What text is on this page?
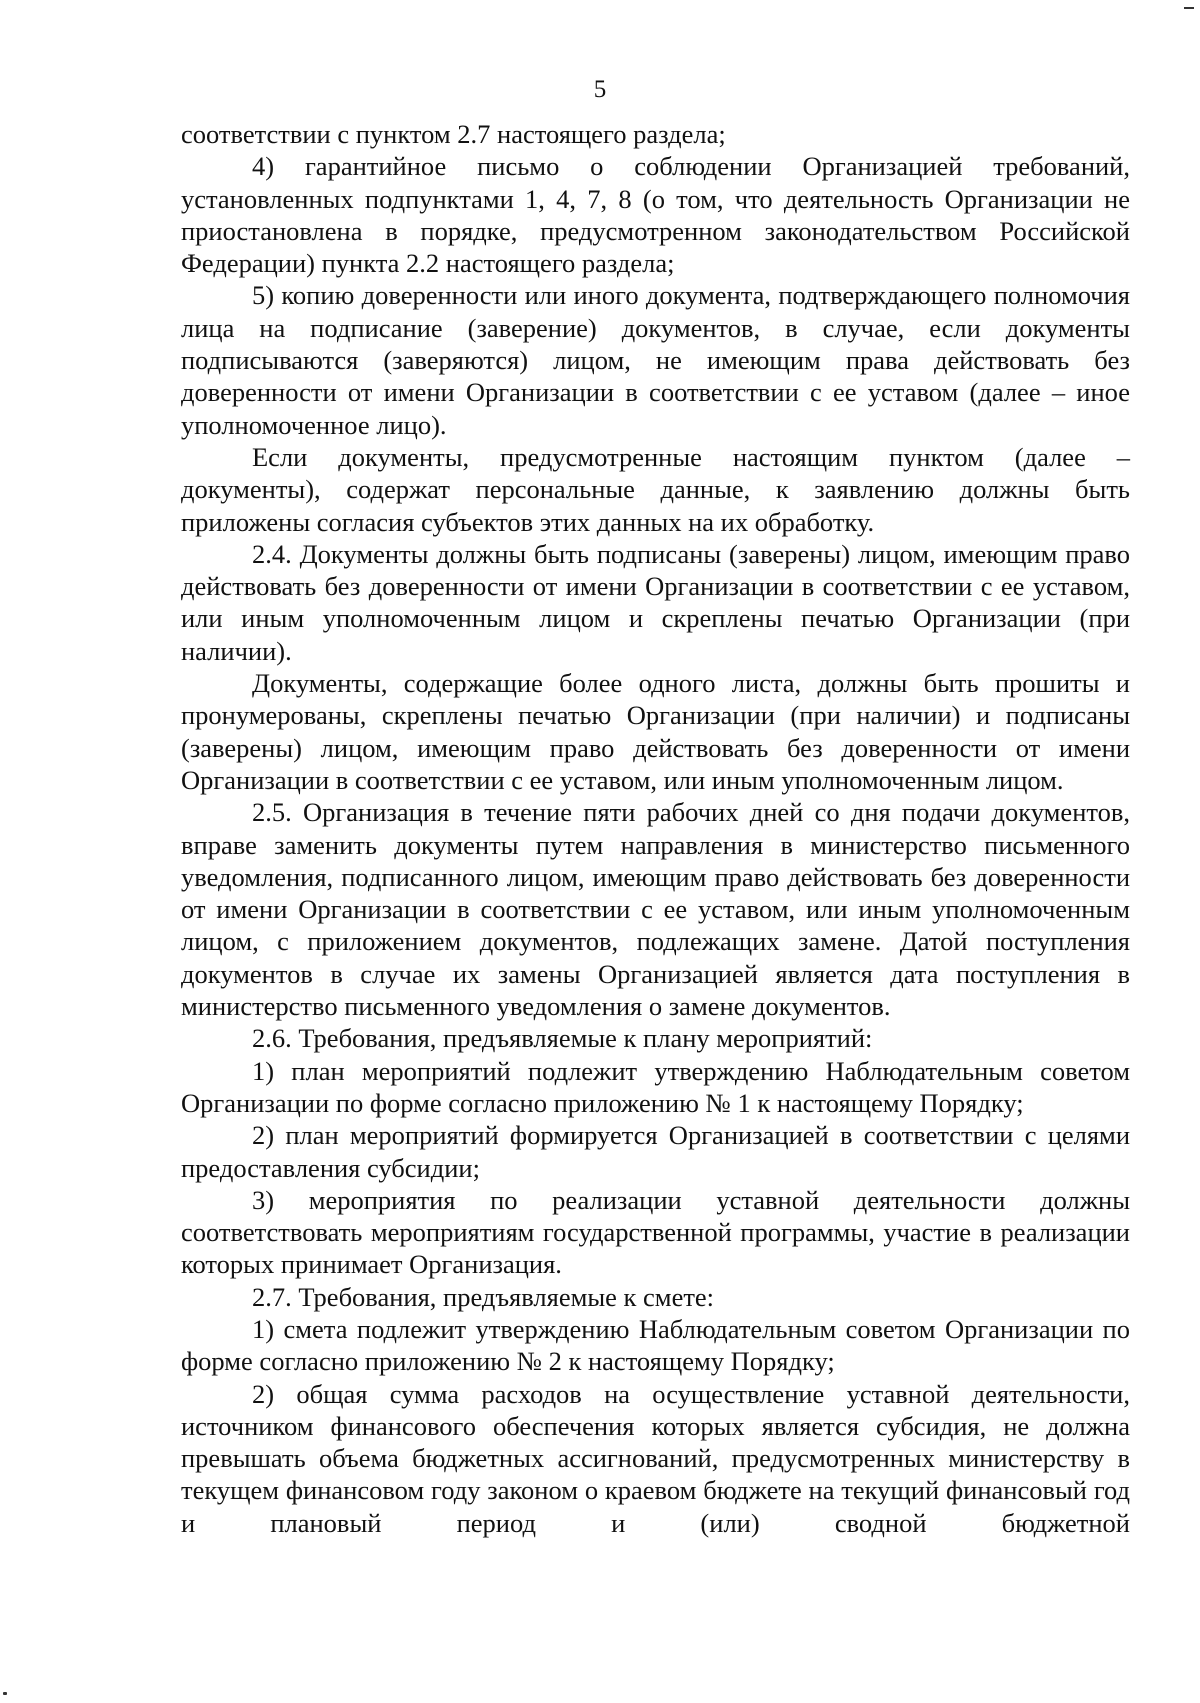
5

соответствии с пунктом 2.7 настоящего раздела;

4) гарантийное письмо о соблюдении Организацией требований, установленных подпунктами 1, 4, 7, 8 (о том, что деятельность Организации не приостановлена в порядке, предусмотренном законодательством Российской Федерации) пункта 2.2 настоящего раздела;

5) копию доверенности или иного документа, подтверждающего полномочия лица на подписание (заверение) документов, в случае, если документы подписываются (заверяются) лицом, не имеющим права действовать без доверенности от имени Организации в соответствии с ее уставом (далее – иное уполномоченное лицо).

Если документы, предусмотренные настоящим пунктом (далее – документы), содержат персональные данные, к заявлению должны быть приложены согласия субъектов этих данных на их обработку.

2.4. Документы должны быть подписаны (заверены) лицом, имеющим право действовать без доверенности от имени Организации в соответствии с ее уставом, или иным уполномоченным лицом и скреплены печатью Организации (при наличии).

Документы, содержащие более одного листа, должны быть прошиты и пронумерованы, скреплены печатью Организации (при наличии) и подписаны (заверены) лицом, имеющим право действовать без доверенности от имени Организации в соответствии с ее уставом, или иным уполномоченным лицом.

2.5. Организация в течение пяти рабочих дней со дня подачи документов, вправе заменить документы путем направления в министерство письменного уведомления, подписанного лицом, имеющим право действовать без доверенности от имени Организации в соответствии с ее уставом, или иным уполномоченным лицом, с приложением документов, подлежащих замене. Датой поступления документов в случае их замены Организацией является дата поступления в министерство письменного уведомления о замене документов.

2.6. Требования, предъявляемые к плану мероприятий:

1) план мероприятий подлежит утверждению Наблюдательным советом Организации по форме согласно приложению № 1 к настоящему Порядку;

2) план мероприятий формируется Организацией в соответствии с целями предоставления субсидии;

3) мероприятия по реализации уставной деятельности должны соответствовать мероприятиям государственной программы, участие в реализации которых принимает Организация.

2.7. Требования, предъявляемые к смете:

1) смета подлежит утверждению Наблюдательным советом Организации по форме согласно приложению № 2 к настоящему Порядку;

2) общая сумма расходов на осуществление уставной деятельности, источником финансового обеспечения которых является субсидия, не должна превышать объема бюджетных ассигнований, предусмотренных министерству в текущем финансовом году законом о краевом бюджете на текущий финансовый год и плановый период и (или) сводной бюджетной
